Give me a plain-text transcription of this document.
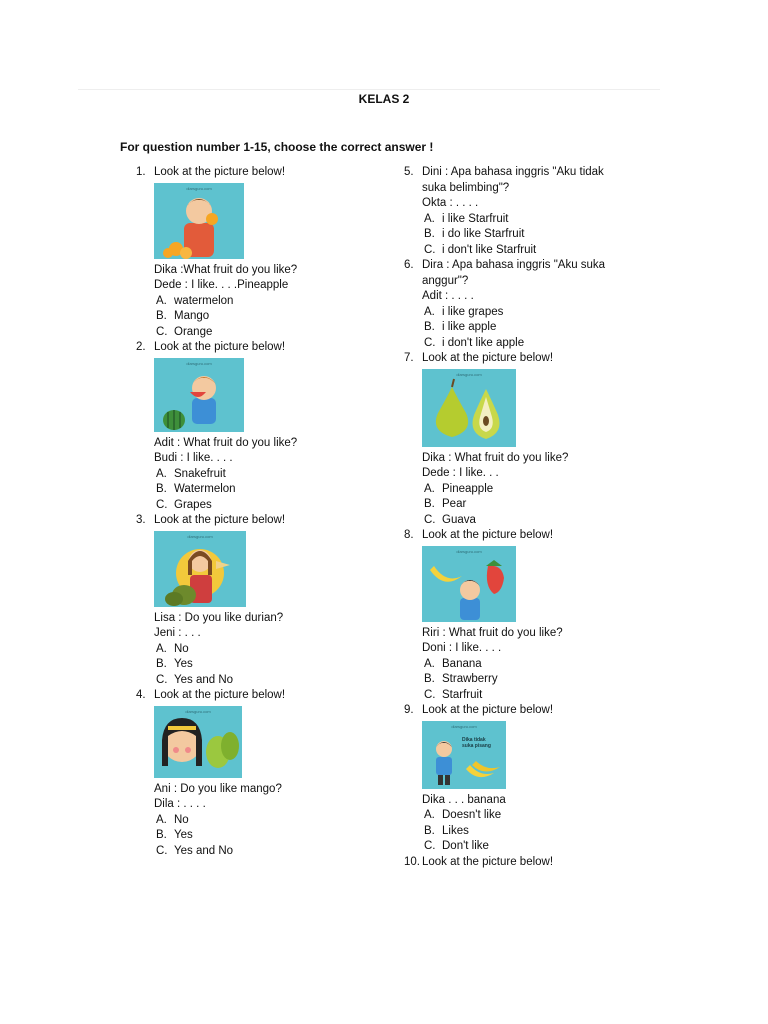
KELAS 2
For question number 1-15, choose the correct answer !
1. Look at the picture below!
diarsguru.com
Dika :What fruit do you like?
Dede : I like. . . .Pineapple
A. watermelon
B. Mango
C. Orange
2. Look at the picture below!
diarsguru.com
Adit : What fruit do you like?
Budi : I like. . . .
A. Snakefruit
B. Watermelon
C. Grapes
3. Look at the picture below!
diarsguru.com
Lisa : Do you like durian?
Jeni : . . .
A. No
B. Yes
C. Yes and No
4. Look at the picture below!
diarsguru.com
Ani : Do you like mango?
Dila : . . . .
A. No
B. Yes
C. Yes and No
5. Dini : Apa bahasa inggris "Aku tidak
suka belimbing"?
Okta : . . . .
A. i like Starfruit
B. i do like Starfruit
C. i don't like Starfruit
6. Dira : Apa bahasa inggris "Aku suka
anggur"?
Adit : . . . .
A. i like grapes
B. i like apple
C. i don't like apple
7. Look at the picture below!
diarsguru.com
Dika : What fruit do you like?
Dede : I like. . .
A. Pineapple
B. Pear
C. Guava
8. Look at the picture below!
diarsguru.com
Riri : What fruit do you like?
Doni : I like. . . .
A. Banana
B. Strawberry
C. Starfruit
9. Look at the picture below!
diarsguru.com
Dika tidak suka pisang
Dika . . . banana
A. Doesn't like
B. Likes
C. Don't like
10. Look at the picture below!
